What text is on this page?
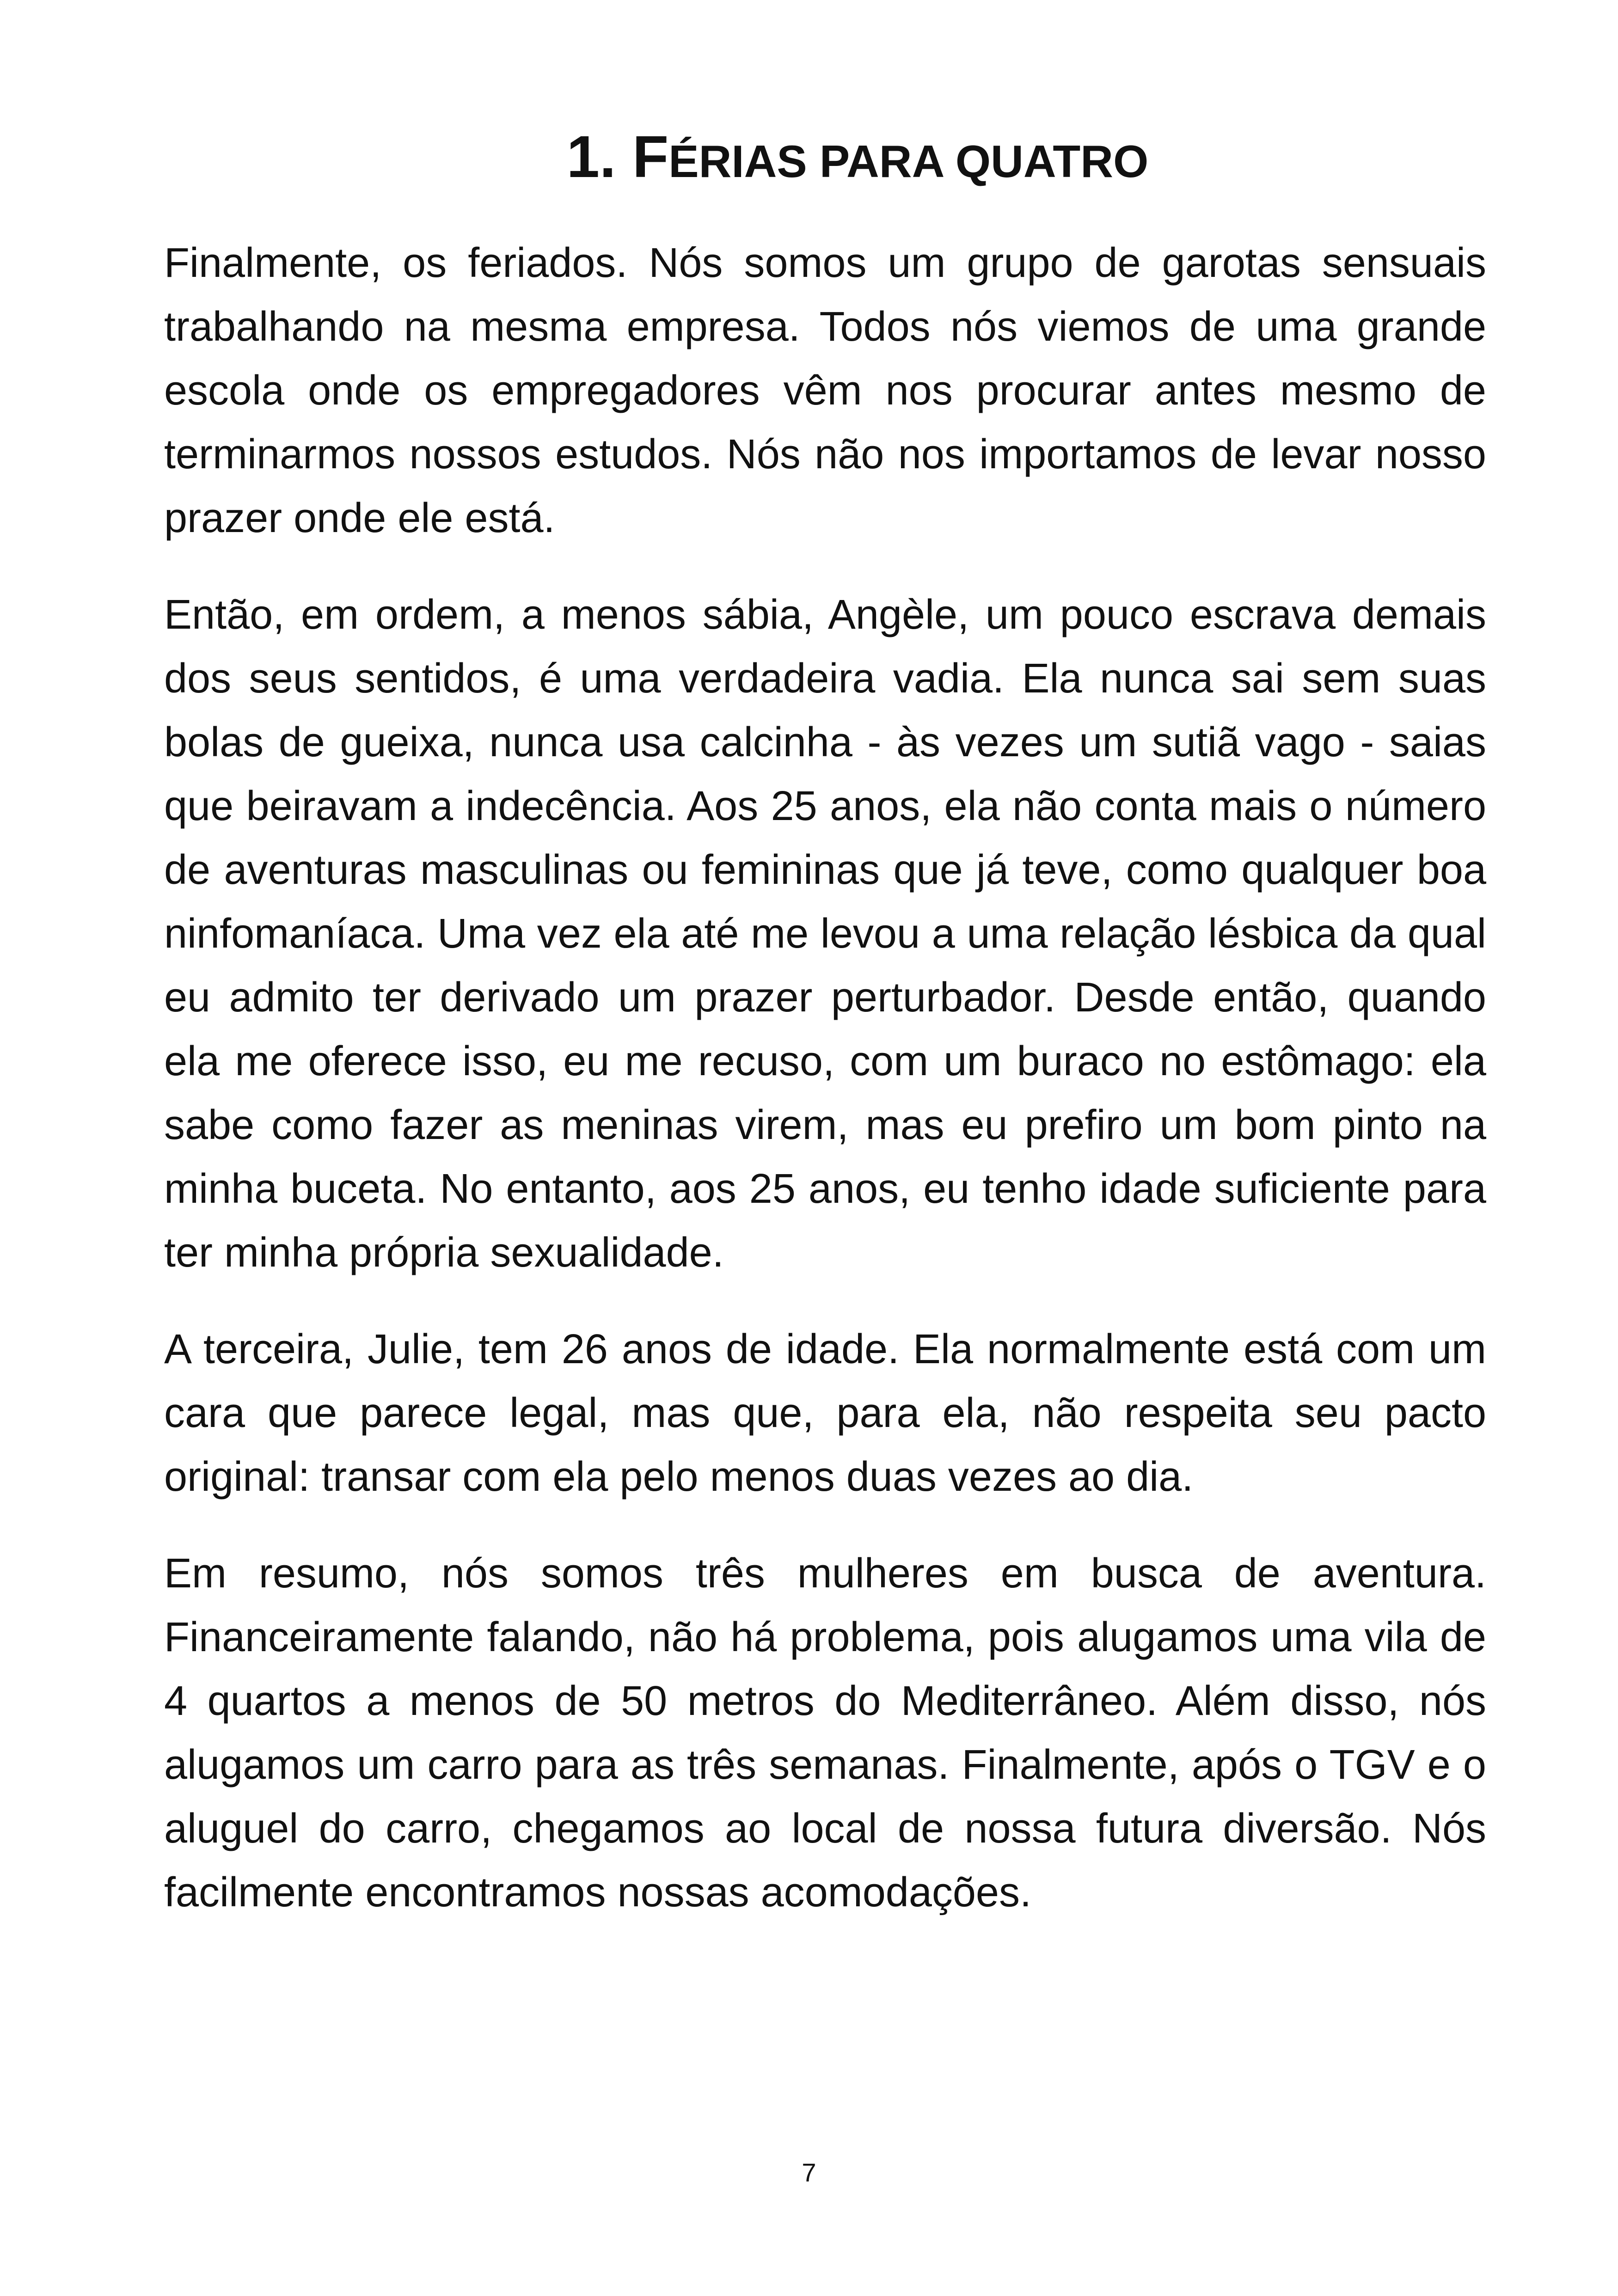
1. FÉRIAS PARA QUATRO

Finalmente, os feriados. Nós somos um grupo de garotas sensuais trabalhando na mesma empresa. Todos nós viemos de uma grande escola onde os empregadores vêm nos procurar antes mesmo de terminarmos nossos estudos. Nós não nos importamos de levar nosso prazer onde ele está.

Então, em ordem, a menos sábia, Angèle, um pouco escrava demais dos seus sentidos, é uma verdadeira vadia. Ela nunca sai sem suas bolas de gueixa, nunca usa calcinha - às vezes um sutiã vago - saias que beiravam a indecência. Aos 25 anos, ela não conta mais o número de aventuras masculinas ou femininas que já teve, como qualquer boa ninfomaníaca. Uma vez ela até me levou a uma relação lésbica da qual eu admito ter derivado um prazer perturbador. Desde então, quando ela me oferece isso, eu me recuso, com um buraco no estômago: ela sabe como fazer as meninas virem, mas eu prefiro um bom pinto na minha buceta. No entanto, aos 25 anos, eu tenho idade suficiente para ter minha própria sexualidade.

A terceira, Julie, tem 26 anos de idade. Ela normalmente está com um cara que parece legal, mas que, para ela, não respeita seu pacto original: transar com ela pelo menos duas vezes ao dia.

Em resumo, nós somos três mulheres em busca de aventura. Financeiramente falando, não há problema, pois alugamos uma vila de 4 quartos a menos de 50 metros do Mediterrâneo. Além disso, nós alugamos um carro para as três semanas. Finalmente, após o TGV e o aluguel do carro, chegamos ao local de nossa futura diversão. Nós facilmente encontramos nossas acomodações.

7
